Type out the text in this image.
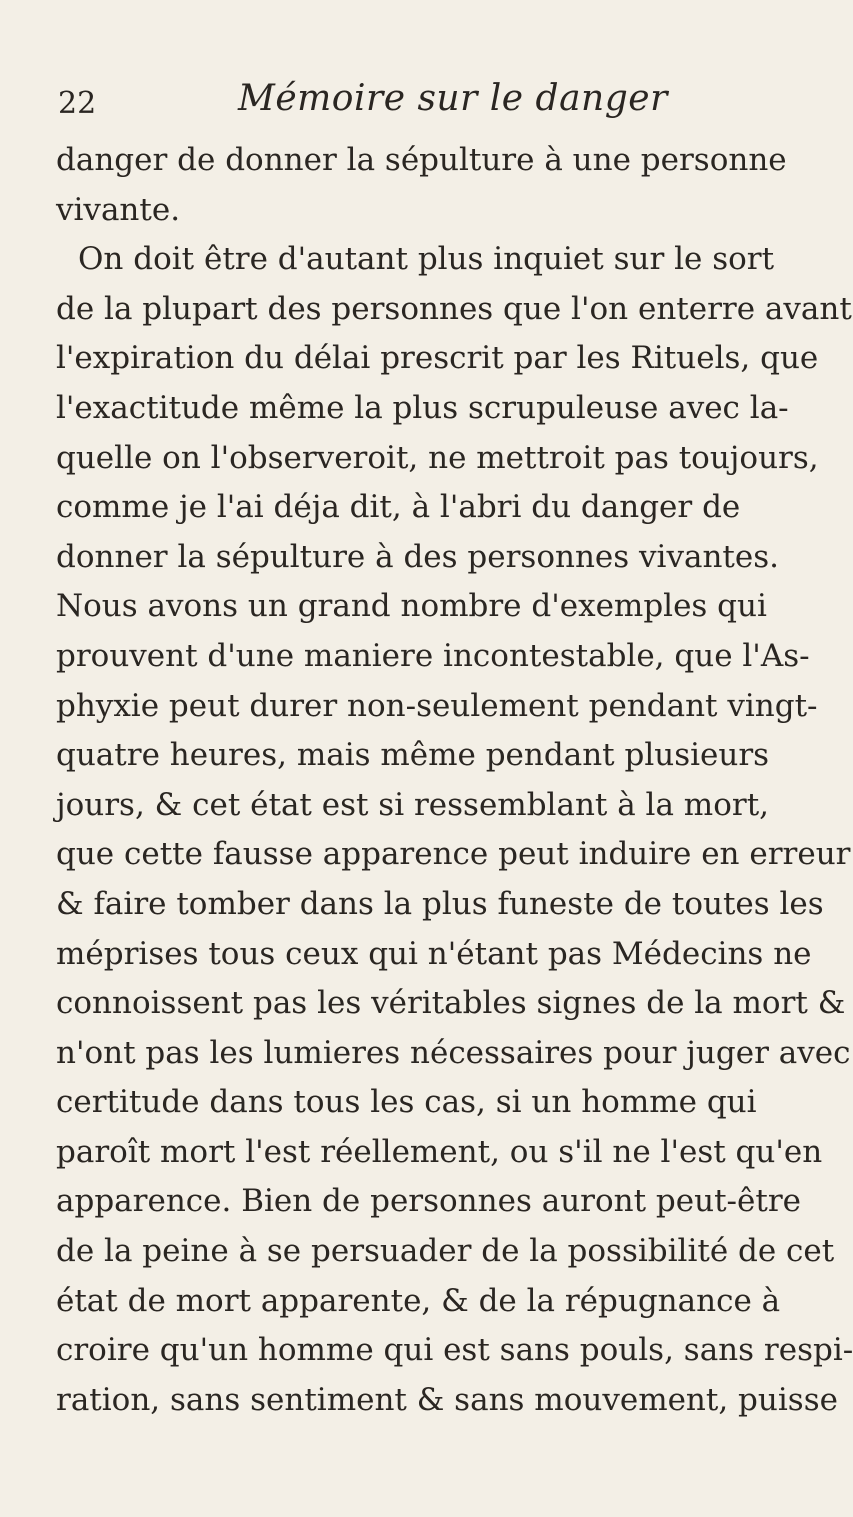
22	Mémoire sur le danger
danger de donner la sépulture à une personne
vivante.
On doit être d'autant plus inquiet sur le sort
de la plupart des personnes que l'on enterre avant
l'expiration du délai prescrit par les Rituels, que
l'exactitude même la plus scrupuleuse avec la-
quelle on l'observeroit, ne mettroit pas toujours,
comme je l'ai déja dit, à l'abri du danger de
donner la sépulture à des personnes vivantes.
Nous avons un grand nombre d'exemples qui
prouvent d'une maniere incontestable, que l'As-
phyxie peut durer non-seulement pendant vingt-
quatre heures, mais même pendant plusieurs
jours, & cet état est si ressemblant à la mort,
que cette fausse apparence peut induire en erreur
& faire tomber dans la plus funeste de toutes les
méprises tous ceux qui n'étant pas Médecins ne
connoissent pas les véritables signes de la mort &
n'ont pas les lumieres nécessaires pour juger avec
certitude dans tous les cas, si un homme qui
paroît mort l'est réellement, ou s'il ne l'est qu'en
apparence. Bien de personnes auront peut-être
de la peine à se persuader de la possibilité de cet
état de mort apparente, & de la répugnance à
croire qu'un homme qui est sans pouls, sans respi-
ration, sans sentiment & sans mouvement, puisse
